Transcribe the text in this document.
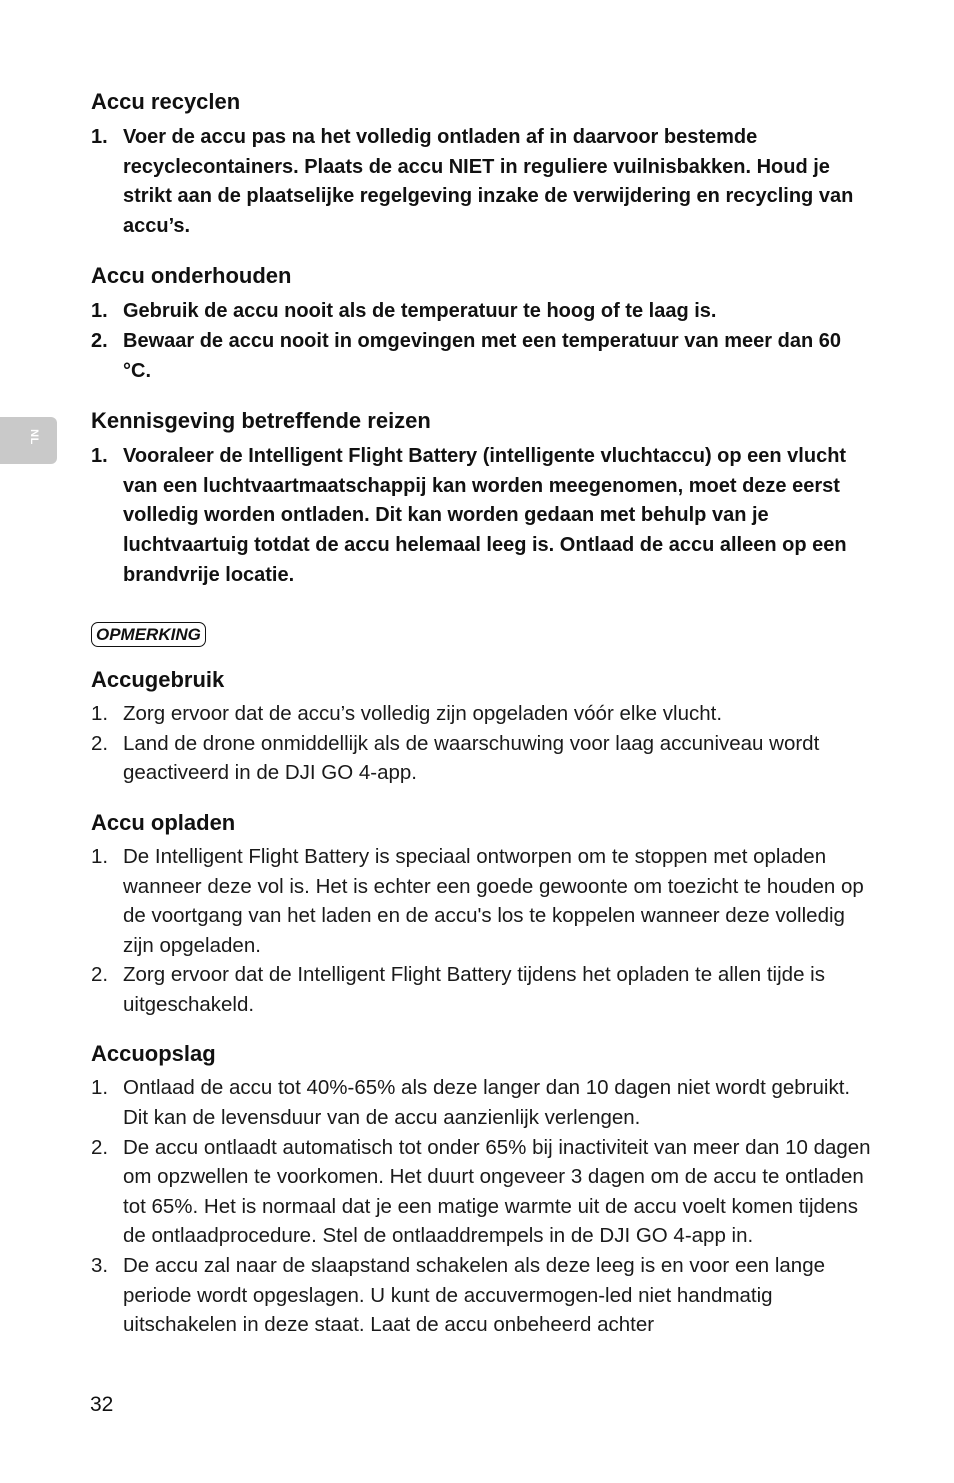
NL
Accu recyclen
1. Voer de accu pas na het volledig ontladen af in daarvoor bestemde recyclecontainers. Plaats de accu NIET in reguliere vuilnisbakken. Houd je strikt aan de plaatselijke regelgeving inzake de verwijdering en recycling van accu’s.
Accu onderhouden
1. Gebruik de accu nooit als de temperatuur te hoog of te laag is.
2. Bewaar de accu nooit in omgevingen met een temperatuur van meer dan 60 °C.
Kennisgeving betreffende reizen
1. Vooraleer de Intelligent Flight Battery (intelligente vluchtaccu) op een vlucht van een luchtvaartmaatschappij kan worden meegenomen, moet deze eerst volledig worden ontladen. Dit kan worden gedaan met behulp van je luchtvaartuig totdat de accu helemaal leeg is. Ontlaad de accu alleen op een brandvrije locatie.
OPMERKING
Accugebruik
1. Zorg ervoor dat de accu’s volledig zijn opgeladen vóór elke vlucht.
2. Land de drone onmiddellijk als de waarschuwing voor laag accuniveau wordt geactiveerd in de DJI GO 4-app.
Accu opladen
1. De Intelligent Flight Battery is speciaal ontworpen om te stoppen met opladen wanneer deze vol is. Het is echter een goede gewoonte om toezicht te houden op de voortgang van het laden en de accu's los te koppelen wanneer deze volledig zijn opgeladen.
2. Zorg ervoor dat de Intelligent Flight Battery tijdens het opladen te allen tijde is uitgeschakeld.
Accuopslag
1. Ontlaad de accu tot 40%-65% als deze langer dan 10 dagen niet wordt gebruikt. Dit kan de levensduur van de accu aanzienlijk verlengen.
2. De accu ontlaadt automatisch tot onder 65% bij inactiviteit van meer dan 10 dagen om opzwellen te voorkomen. Het duurt ongeveer 3 dagen om de accu te ontladen tot 65%. Het is normaal dat je een matige warmte uit de accu voelt komen tijdens de ontlaadprocedure. Stel de ontlaaddrempels in de DJI GO 4-app in.
3. De accu zal naar de slaapstand schakelen als deze leeg is en voor een lange periode wordt opgeslagen. U kunt de accuvermogen-led niet handmatig uitschakelen in deze staat. Laat de accu onbeheerd achter
32
